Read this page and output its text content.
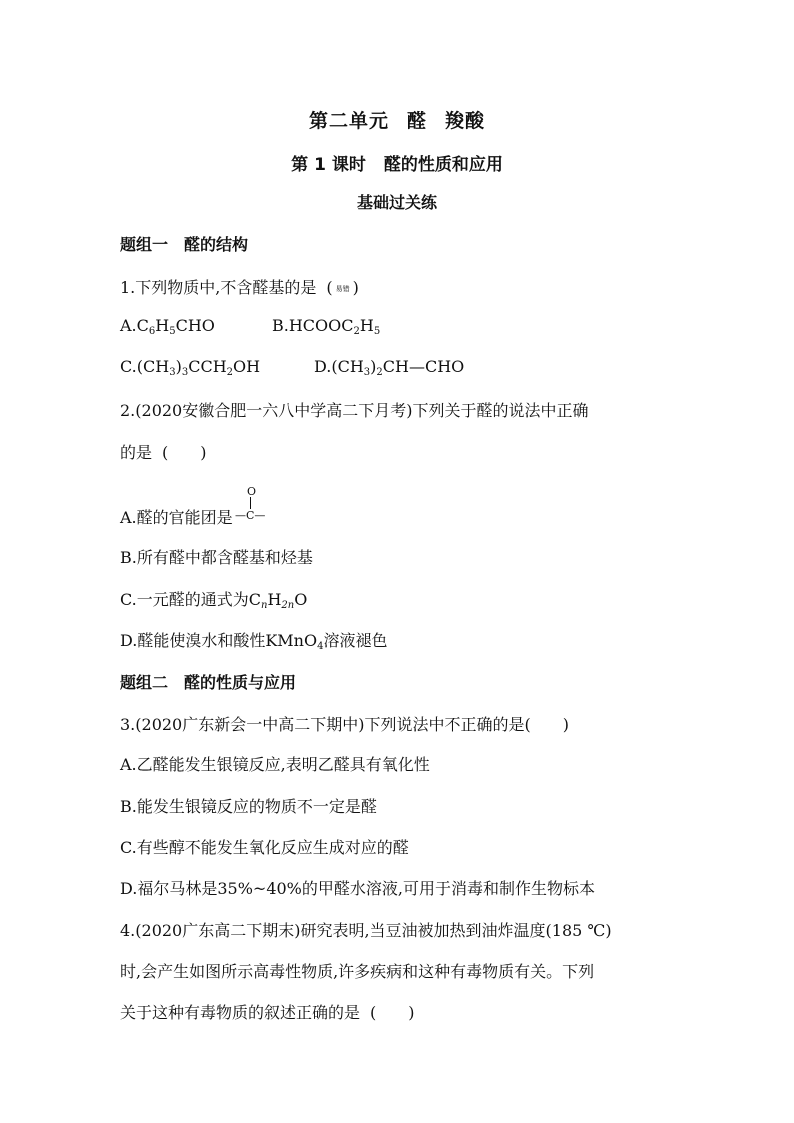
第二单元 醛 羧酸
第 1 课时 醛的性质和应用
基础过关练
题组一　醛的结构
1.下列物质中,不含醛基的是 ( 易错 )
$A.C_6H_5CHO$	$B.HCOOC_2H_5$
$C.(CH_3)_3CCH_2OH$	$D.(CH_3)_2CH—CHO$
2.(2020安徽合肥一六八中学高二下月考)下列关于醛的说法中正确
的是 (　　)
A.醛的官能团是
O
—C—
B.所有醛中都含醛基和烃基
C.一元醛的通式为$C_nH_{2n}O$
D.醛能使溴水和酸性KMnO$_4$溶液褪色
题组二　醛的性质与应用
3.(2020广东新会一中高二下期中)下列说法中不正确的是(　　)
A.乙醛能发生银镜反应,表明乙醛具有氧化性
B.能发生银镜反应的物质不一定是醛
C.有些醇不能发生氧化反应生成对应的醛
D.福尔马林是35%~40%的甲醛水溶液,可用于消毒和制作生物标本
4.(2020广东高二下期末)研究表明,当豆油被加热到油炸温度(185 ℃)
时,会产生如图所示高毒性物质,许多疾病和这种有毒物质有关。下列
关于这种有毒物质的叙述正确的是 (　　)
